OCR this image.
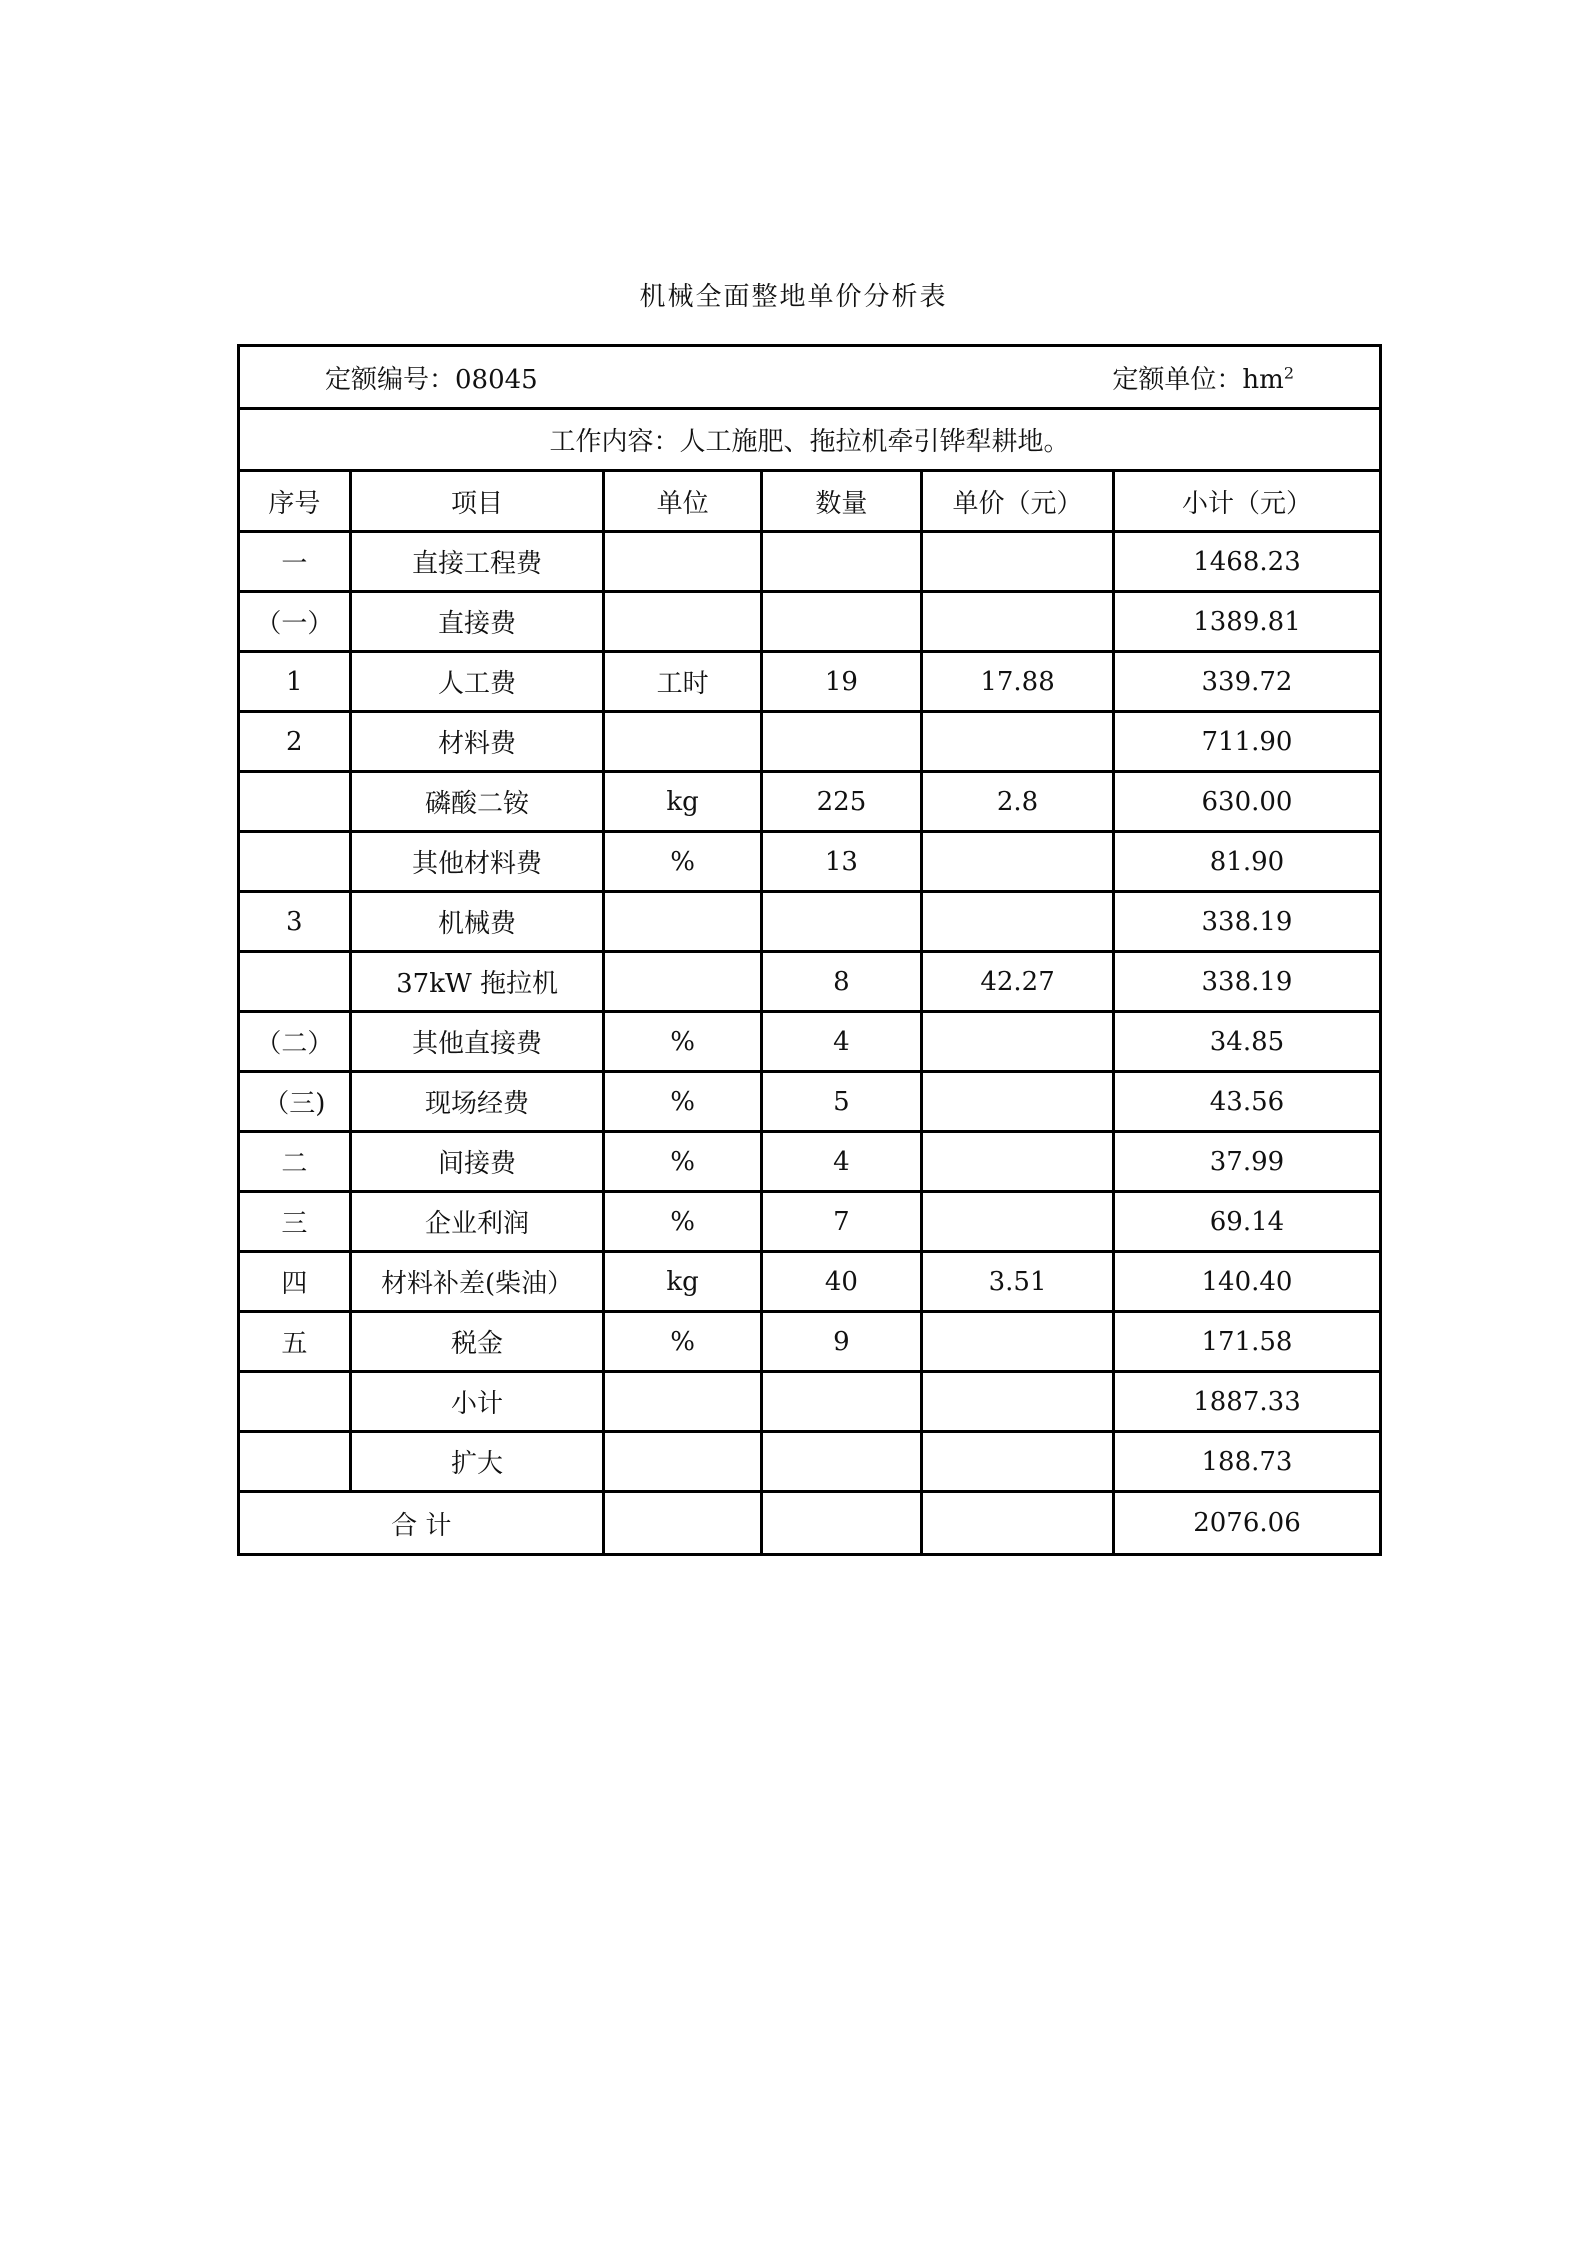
机械全面整地单价分析表
定额编号：08045 定额单位：$hm^2$

工作内容：人工施肥、拖拉机牵引铧犁耕地。					
序号	项目	单位	数量	单价（元）	小计（元）
一	直接工程费				1468.23
（一）	直接费				1389.81
1	人工费	工时	19	17.88	339.72
2	材料费				711.90
	磷酸二铵	kg	225	2.8	630.00
	其他材料费	%	13		81.90
3	机械费				338.19
	37kW 拖拉机		8	42.27	338.19
（二）	其他直接费	%	4		34.85
（三)	现场经费	%	5		43.56
二	间接费	%	4		37.99
三	企业利润	%	7		69.14
四	材料补差(柴油）	kg	40	3.51	140.40
五	税金	%	9		171.58
	小计				1887.33
	扩大				188.73
合 计					2076.06
